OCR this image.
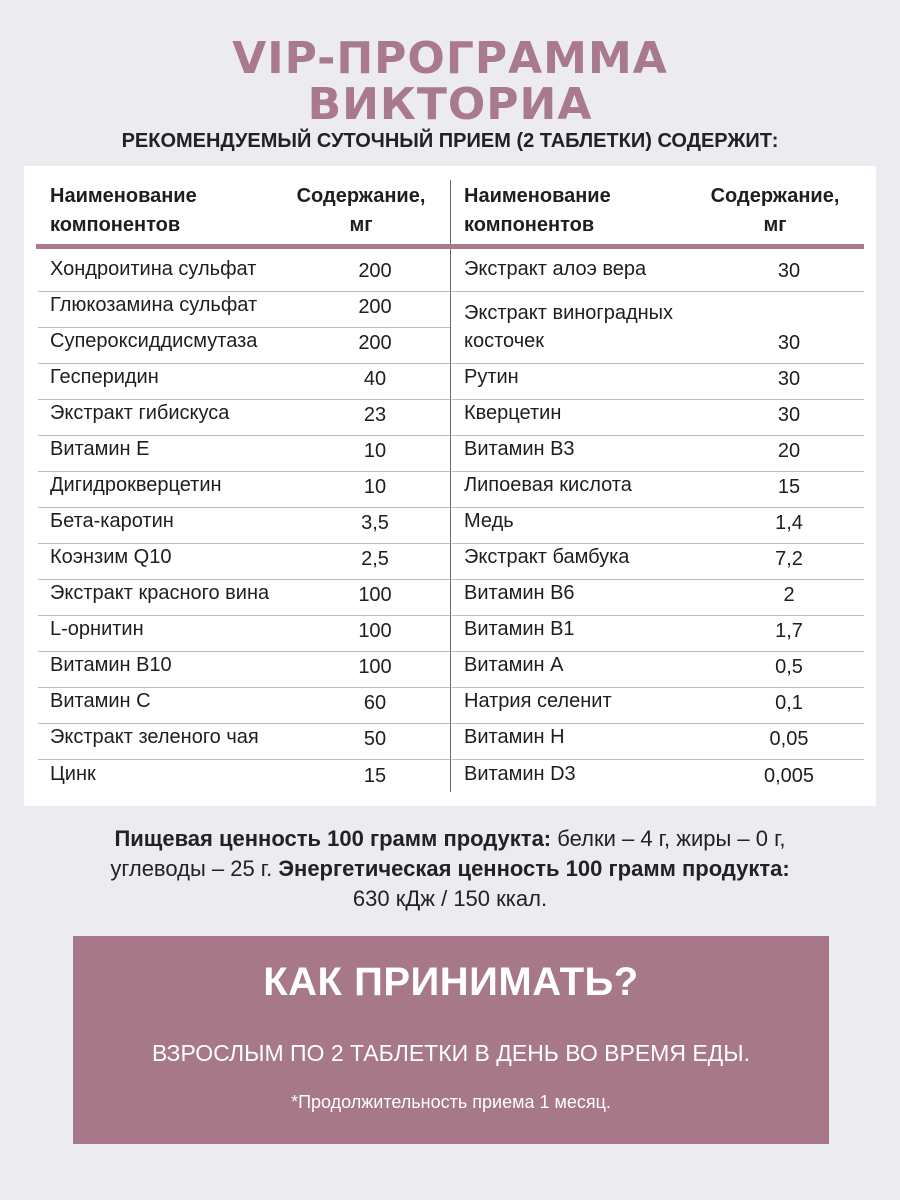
VIP-ПРОГРАММА
ВИКТОРИА
РЕКОМЕНДУЕМЫЙ СУТОЧНЫЙ ПРИЕМ (2 ТАБЛЕТКИ) СОДЕРЖИТ:
Наименование
компонентов
Содержание,
мг
Хондроитина сульфат	200
Глюкозамина сульфат	200
Супероксиддисмутаза	200
Гесперидин	40
Экстракт гибискуса	23
Витамин E	10
Дигидрокверцетин	10
Бета-каротин	3,5
Коэнзим Q10	2,5
Экстракт красного вина	100
L-орнитин	100
Витамин B10	100
Витамин C	60
Экстракт зеленого чая	50
Цинк	15
Наименование
компонентов
Содержание,
мг
Экстракт алоэ вера	30
Экстракт виноградных
косточек	30
Рутин	30
Кверцетин	30
Витамин B3	20
Липоевая кислота	15
Медь	1,4
Экстракт бамбука	7,2
Витамин B6	2
Витамин B1	1,7
Витамин A	0,5
Натрия селенит	0,1
Витамин H	0,05
Витамин D3	0,005
Пищевая ценность 100 грамм продукта: белки – 4 г, жиры – 0 г,
углеводы – 25 г. Энергетическая ценность 100 грамм продукта:
630 кДж / 150 ккал.
КАК ПРИНИМАТЬ?
ВЗРОСЛЫМ ПО 2 ТАБЛЕТКИ В ДЕНЬ ВО ВРЕМЯ ЕДЫ.
*Продолжительность приема 1 месяц.
